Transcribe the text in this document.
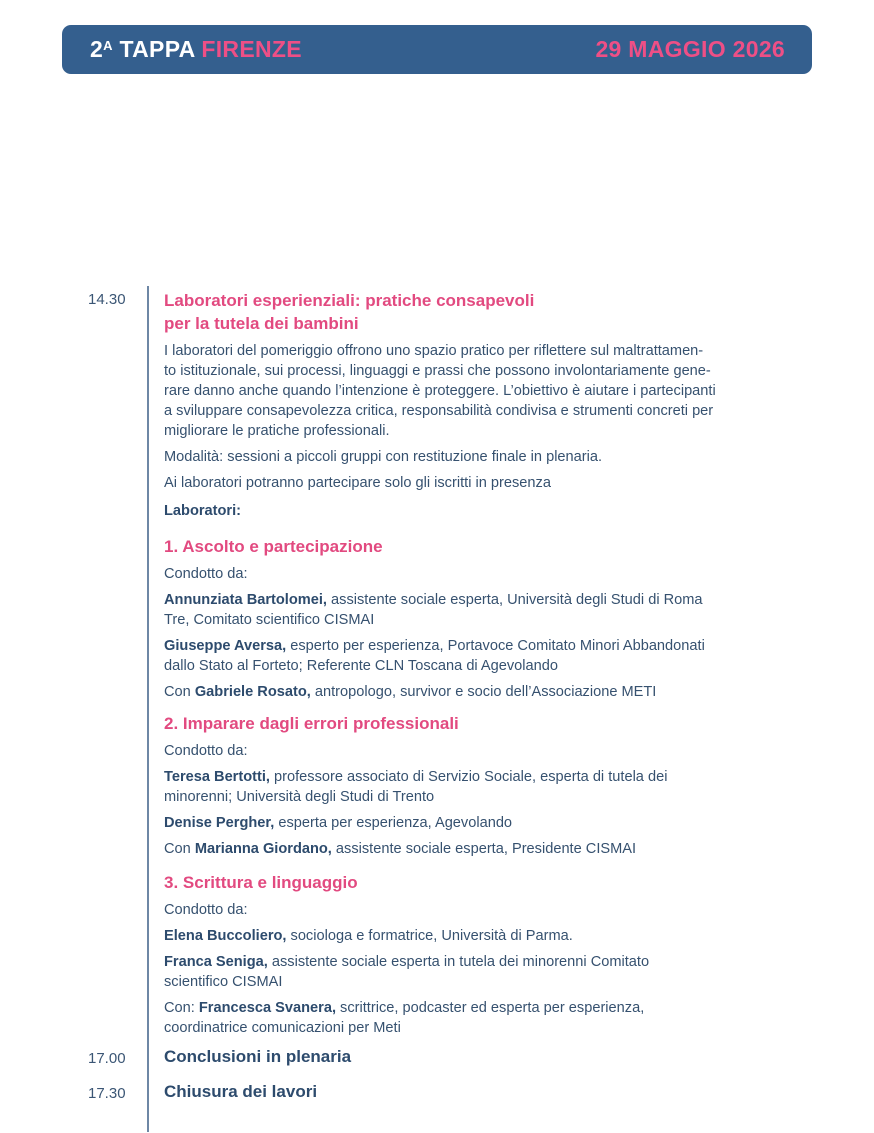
$2^A$ TAPPA FIRENZE	29 MAGGIO 2026
14.30 Laboratori esperienziali: pratiche consapevoli

per la tutela dei bambini

I laboratori del pomeriggio offrono uno spazio pratico per riflettere sul maltrattamen-

to istituzionale, sui processi, linguaggi e prassi che possono involontariamente gene-

rare danno anche quando l’intenzione è proteggere. L’obiettivo è aiutare i partecipanti

a sviluppare consapevolezza critica, responsabilità condivisa e strumenti concreti per

migliorare le pratiche professionali.

Modalità: sessioni a piccoli gruppi con restituzione finale in plenaria.

Ai laboratori potranno partecipare solo gli iscritti in presenza

Laboratori:

1. Ascolto e partecipazione

Condotto da:

Annunziata Bartolomei, assistente sociale esperta, Università degli Studi di Roma

Tre, Comitato scientifico CISMAI

Giuseppe Aversa, esperto per esperienza, Portavoce Comitato Minori Abbandonati

dallo Stato al Forteto; Referente CLN Toscana di Agevolando

Con Gabriele Rosato, antropologo, survivor e socio dell’Associazione METI

2. Imparare dagli errori professionali

Condotto da:

Teresa Bertotti, professore associato di Servizio Sociale, esperta di tutela dei

minorenni; Università degli Studi di Trento

Denise Pergher, esperta per esperienza, Agevolando

Con Marianna Giordano, assistente sociale esperta, Presidente CISMAI

3. Scrittura e linguaggio

Condotto da:

Elena Buccoliero, sociologa e formatrice, Università di Parma.

Franca Seniga, assistente sociale esperta in tutela dei minorenni Comitato

scientifico CISMAI

Con: Francesca Svanera, scrittrice, podcaster ed esperta per esperienza,

coordinatrice comunicazioni per Meti

17.00 Conclusioni in plenaria
17.30 Chiusura dei lavori
